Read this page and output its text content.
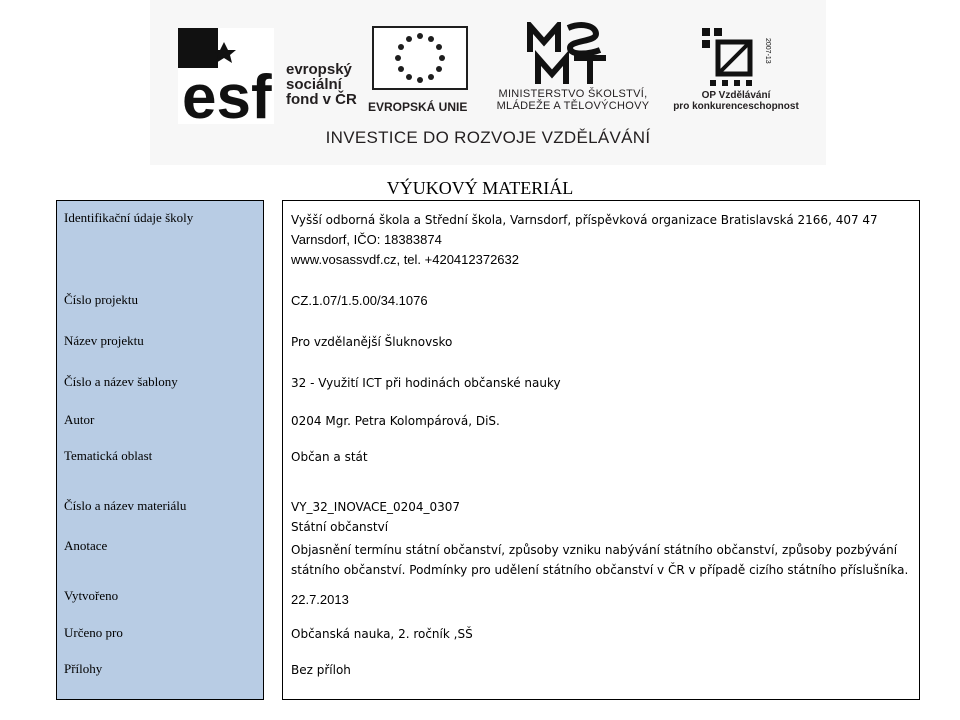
esf evropský
sociální
fond v ČR EVROPSKÁ UNIE
MINISTERSTVO ŠKOLSTVÍ,
MLÁDEŽE A TĚLOVÝCHOVY
2007-13
OP Vzdělávání
pro konkurenceschopnost
INVESTICE DO ROZVOJE VZDĚLÁVÁNÍ
VÝUKOVÝ MATERIÁL
Identifikační údaje školy	Vyšší odborná škola a Střední škola, Varnsdorf, příspěvková organizace Bratislavská 2166, 407 47
Varnsdorf, IČO: 18383874
www.vosassvdf.cz, tel. +420412372632
Číslo projektu	CZ.1.07/1.5.00/34.1076
Název projektu	Pro vzdělanější Šluknovsko
Číslo a název šablony	32 - Využití ICT při hodinách občanské nauky
Autor	0204 Mgr. Petra Kolompárová, DiS.
Tematická oblast	Občan a stát
Číslo a název materiálu	VY_32_INOVACE_0204_0307
Státní občanství
Anotace	Objasnění termínu státní občanství, způsoby vzniku nabývání státního občanství, způsoby pozbývání
státního občanství. Podmínky pro udělení státního občanství v ČR v případě cizího státního příslušníka.
Vytvořeno	22.7.2013
Určeno pro	Občanská nauka, 2. ročník ,SŠ
Přílohy	Bez příloh
